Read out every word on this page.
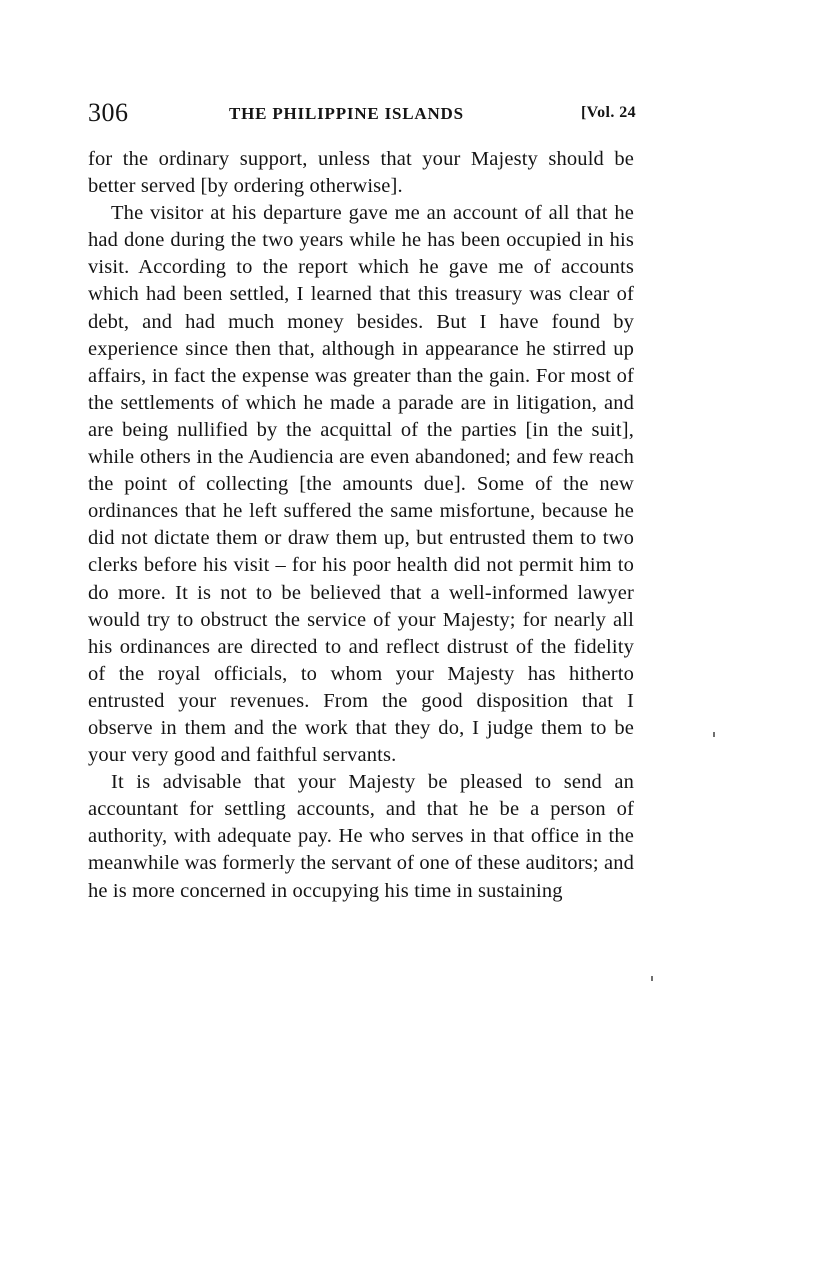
306	THE PHILIPPINE ISLANDS	[Vol. 24

for the ordinary support, unless that your Majesty should be better served [by ordering otherwise].

The visitor at his departure gave me an account of all that he had done during the two years while he has been occupied in his visit. According to the report which he gave me of accounts which had been settled, I learned that this treasury was clear of debt, and had much money besides. But I have found by experience since then that, although in appearance he stirred up affairs, in fact the expense was greater than the gain. For most of the settlements of which he made a parade are in litigation, and are being nullified by the acquittal of the parties [in the suit], while others in the Audiencia are even abandoned; and few reach the point of collecting [the amounts due]. Some of the new ordinances that he left suffered the same misfortune, because he did not dictate them or draw them up, but entrusted them to two clerks before his visit – for his poor health did not permit him to do more. It is not to be believed that a well-informed lawyer would try to obstruct the service of your Majesty; for nearly all his ordinances are directed to and reflect distrust of the fidelity of the royal officials, to whom your Majesty has hitherto entrusted your revenues. From the good disposition that I observe in them and the work that they do, I judge them to be your very good and faithful servants.

It is advisable that your Majesty be pleased to send an accountant for settling accounts, and that he be a person of authority, with adequate pay. He who serves in that office in the meanwhile was formerly the servant of one of these auditors; and he is more concerned in occupying his time in sustaining
